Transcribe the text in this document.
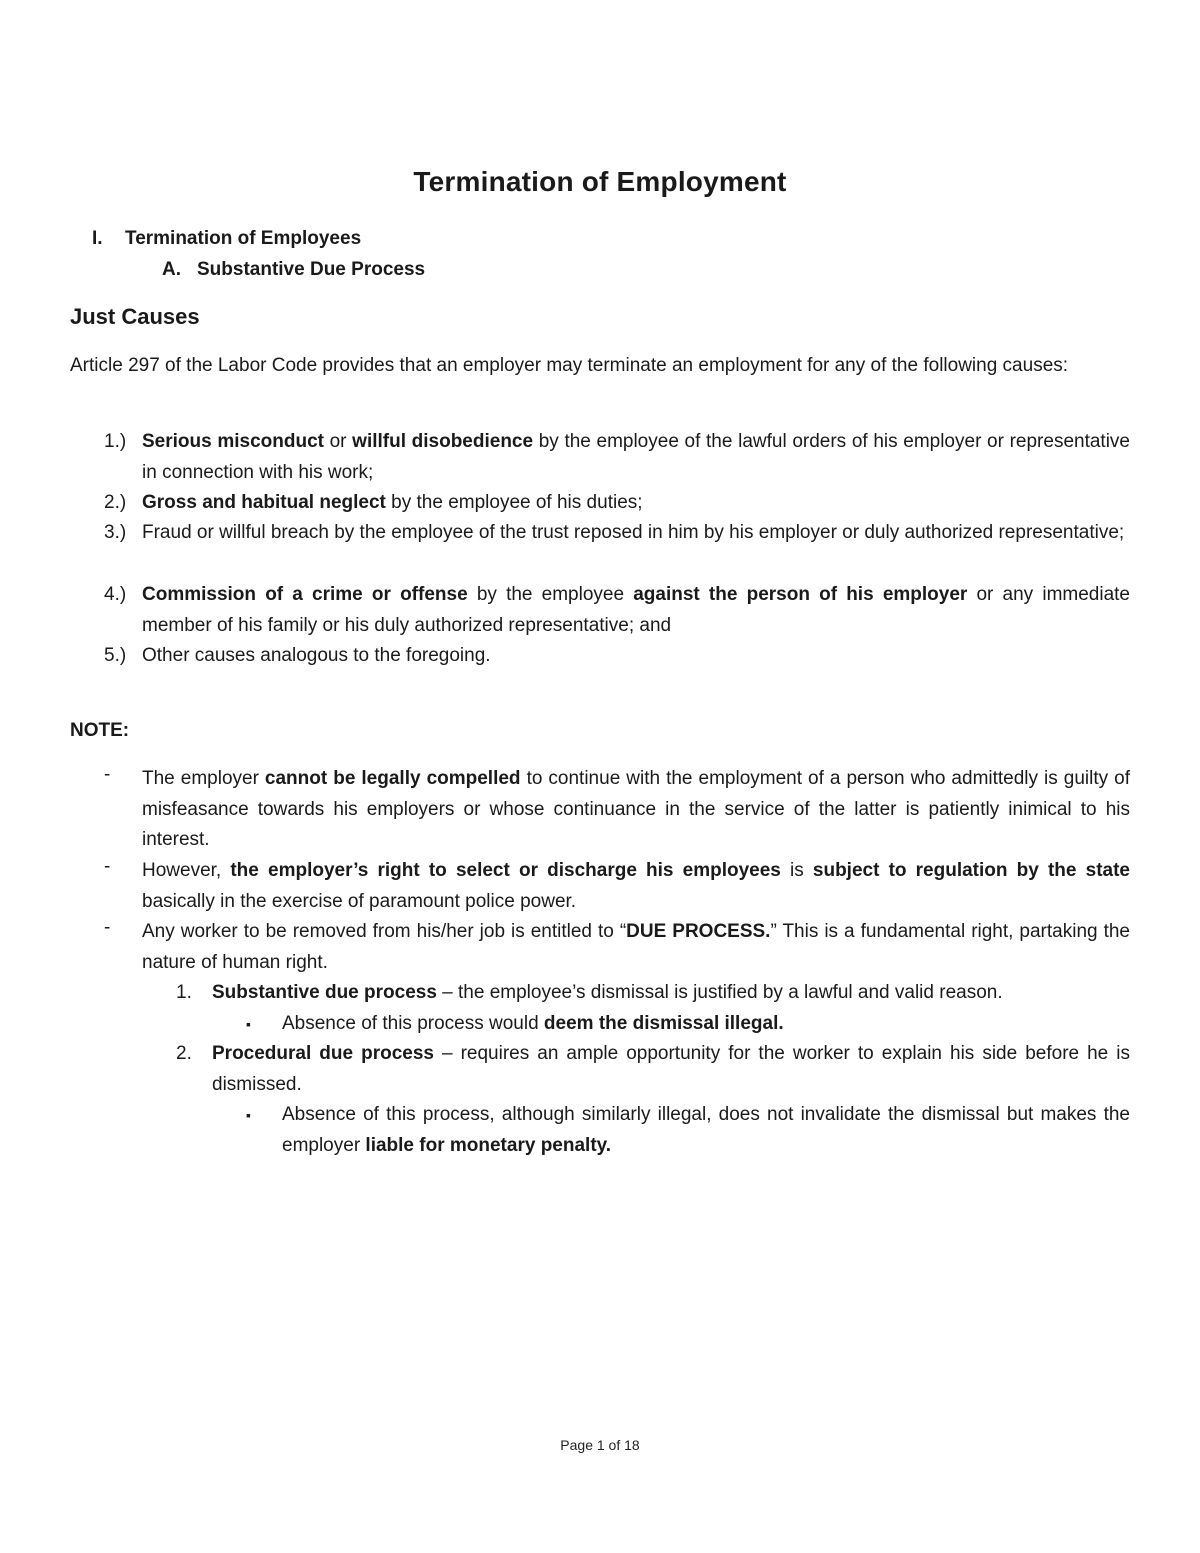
Termination of Employment
I. Termination of Employees
A. Substantive Due Process
Just Causes
Article 297 of the Labor Code provides that an employer may terminate an employment for any of the following causes:
1.) Serious misconduct or willful disobedience by the employee of the lawful orders of his employer or representative in connection with his work;
2.) Gross and habitual neglect by the employee of his duties;
3.) Fraud or willful breach by the employee of the trust reposed in him by his employer or duly authorized representative;
4.) Commission of a crime or offense by the employee against the person of his employer or any immediate member of his family or his duly authorized representative; and
5.) Other causes analogous to the foregoing.
NOTE:
- The employer cannot be legally compelled to continue with the employment of a person who admittedly is guilty of misfeasance towards his employers or whose continuance in the service of the latter is patiently inimical to his interest.
- However, the employer’s right to select or discharge his employees is subject to regulation by the state basically in the exercise of paramount police power.
- Any worker to be removed from his/her job is entitled to “DUE PROCESS.” This is a fundamental right, partaking the nature of human right.
1. Substantive due process – the employee’s dismissal is justified by a lawful and valid reason.
▪ Absence of this process would deem the dismissal illegal.
2. Procedural due process – requires an ample opportunity for the worker to explain his side before he is dismissed.
▪ Absence of this process, although similarly illegal, does not invalidate the dismissal but makes the employer liable for monetary penalty.
Page 1 of 18
